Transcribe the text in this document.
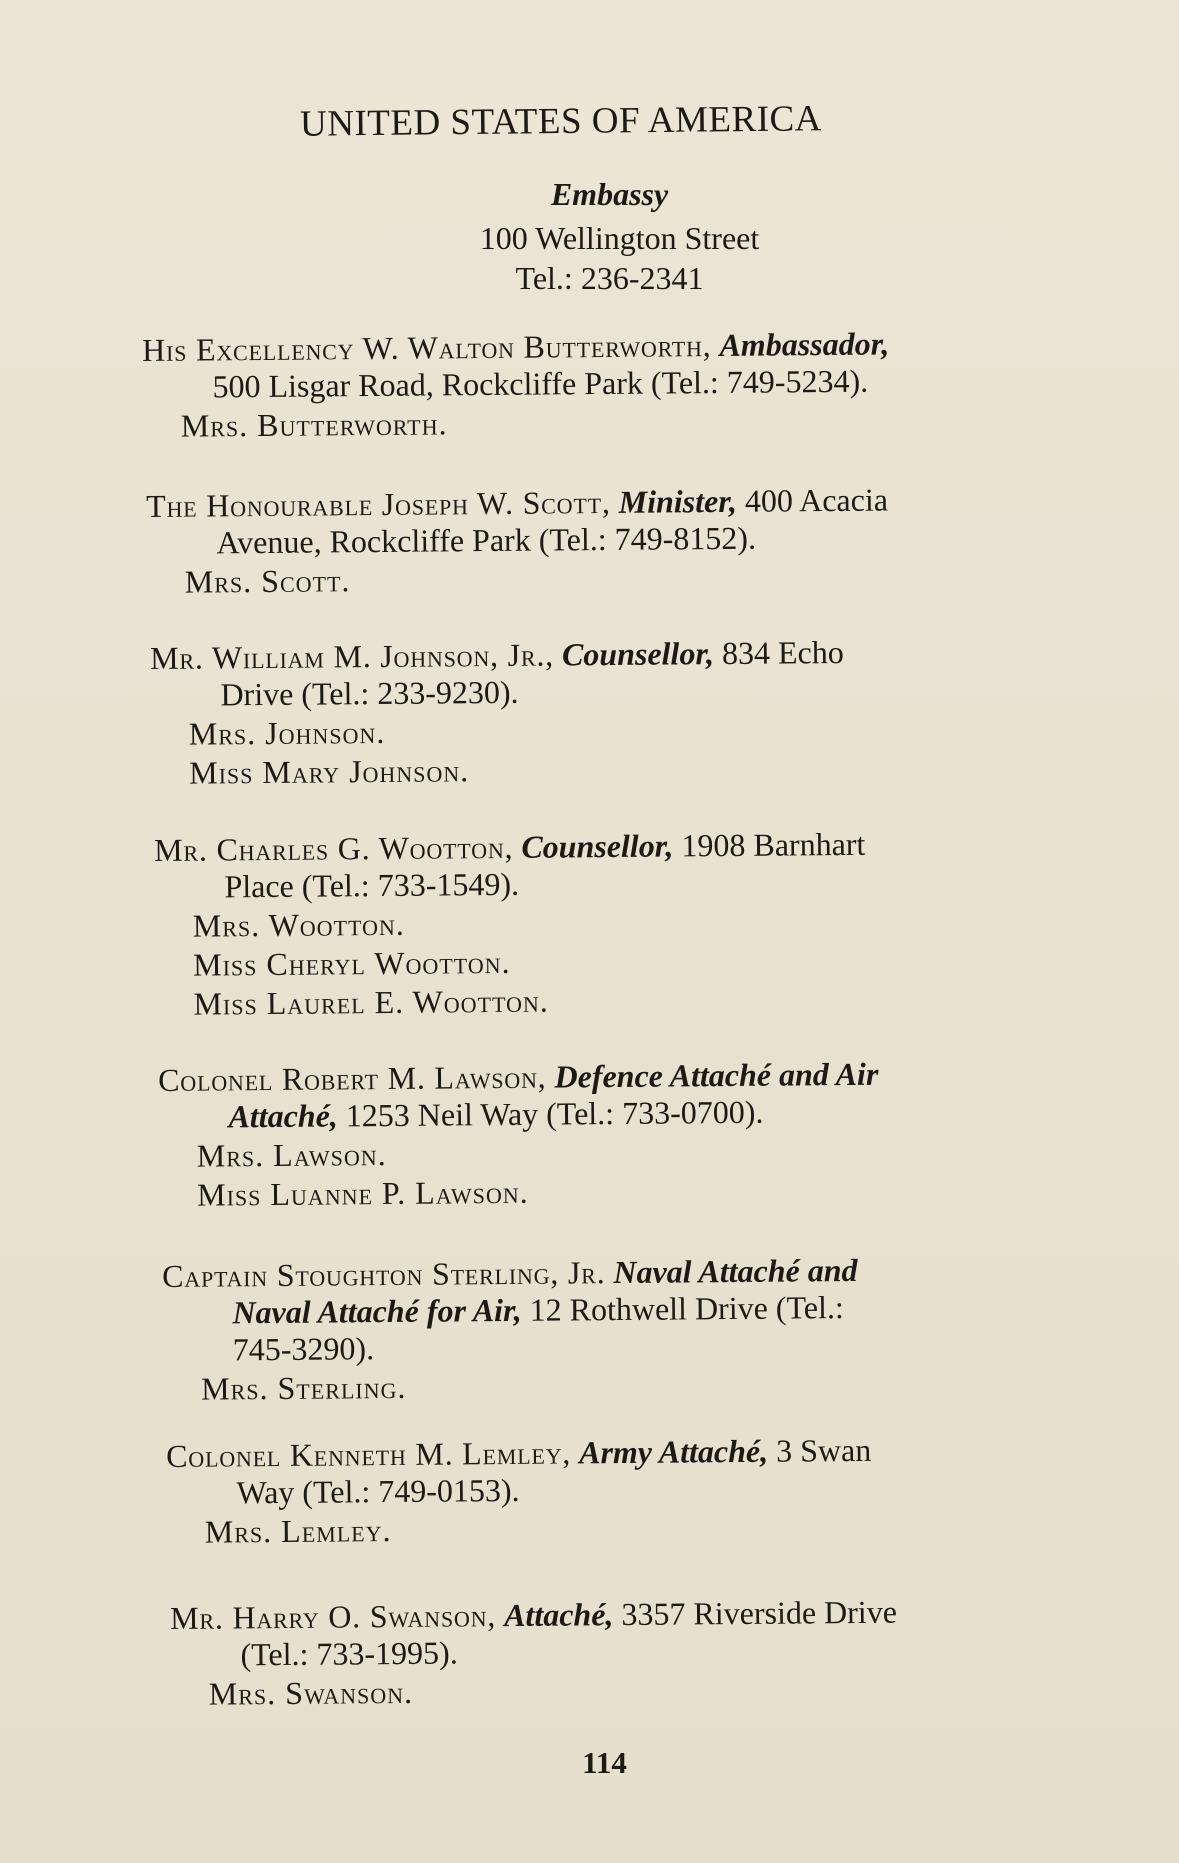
UNITED STATES OF AMERICA
Embassy
100 Wellington Street
Tel.: 236-2341
His Excellency W. Walton Butterworth, Ambassador,
500 Lisgar Road, Rockcliffe Park (Tel.: 749-5234).
Mrs. Butterworth.
The Honourable Joseph W. Scott, Minister, 400 Acacia
Avenue, Rockcliffe Park (Tel.: 749-8152).
Mrs. Scott.
Mr. William M. Johnson, Jr., Counsellor, 834 Echo
Drive (Tel.: 233-9230).
Mrs. Johnson.
Miss Mary Johnson.
Mr. Charles G. Wootton, Counsellor, 1908 Barnhart
Place (Tel.: 733-1549).
Mrs. Wootton.
Miss Cheryl Wootton.
Miss Laurel E. Wootton.
Colonel Robert M. Lawson, Defence Attaché and Air
Attaché, 1253 Neil Way (Tel.: 733-0700).
Mrs. Lawson.
Miss Luanne P. Lawson.
Captain Stoughton Sterling, Jr. Naval Attaché and
Naval Attaché for Air, 12 Rothwell Drive (Tel.:
745-3290).
Mrs. Sterling.
Colonel Kenneth M. Lemley, Army Attaché, 3 Swan
Way (Tel.: 749-0153).
Mrs. Lemley.
Mr. Harry O. Swanson, Attaché, 3357 Riverside Drive
(Tel.: 733-1995).
Mrs. Swanson.
114
